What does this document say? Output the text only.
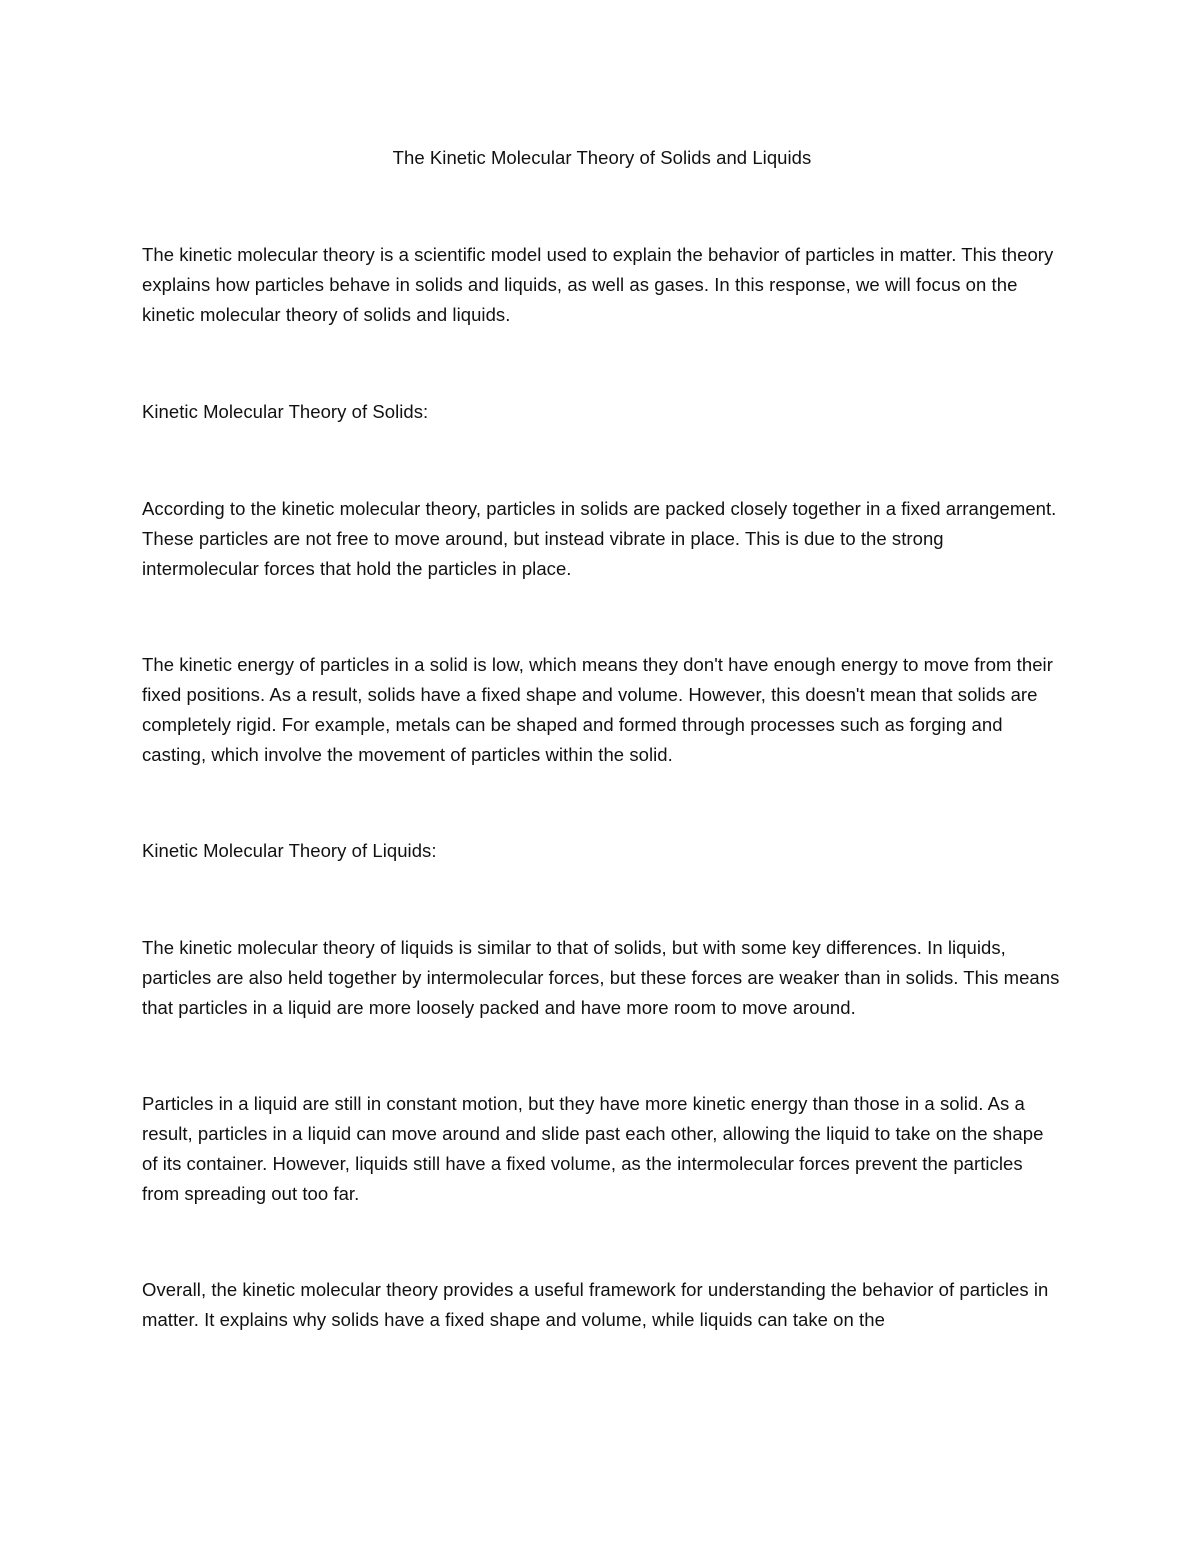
The Kinetic Molecular Theory of Solids and Liquids

The kinetic molecular theory is a scientific model used to explain the behavior of particles in matter. This theory explains how particles behave in solids and liquids, as well as gases. In this response, we will focus on the kinetic molecular theory of solids and liquids.

Kinetic Molecular Theory of Solids:

According to the kinetic molecular theory, particles in solids are packed closely together in a fixed arrangement. These particles are not free to move around, but instead vibrate in place. This is due to the strong intermolecular forces that hold the particles in place.

The kinetic energy of particles in a solid is low, which means they don't have enough energy to move from their fixed positions. As a result, solids have a fixed shape and volume. However, this doesn't mean that solids are completely rigid. For example, metals can be shaped and formed through processes such as forging and casting, which involve the movement of particles within the solid.

Kinetic Molecular Theory of Liquids:

The kinetic molecular theory of liquids is similar to that of solids, but with some key differences. In liquids, particles are also held together by intermolecular forces, but these forces are weaker than in solids. This means that particles in a liquid are more loosely packed and have more room to move around.

Particles in a liquid are still in constant motion, but they have more kinetic energy than those in a solid. As a result, particles in a liquid can move around and slide past each other, allowing the liquid to take on the shape of its container. However, liquids still have a fixed volume, as the intermolecular forces prevent the particles from spreading out too far.

Overall, the kinetic molecular theory provides a useful framework for understanding the behavior of particles in matter. It explains why solids have a fixed shape and volume, while liquids can take on the
